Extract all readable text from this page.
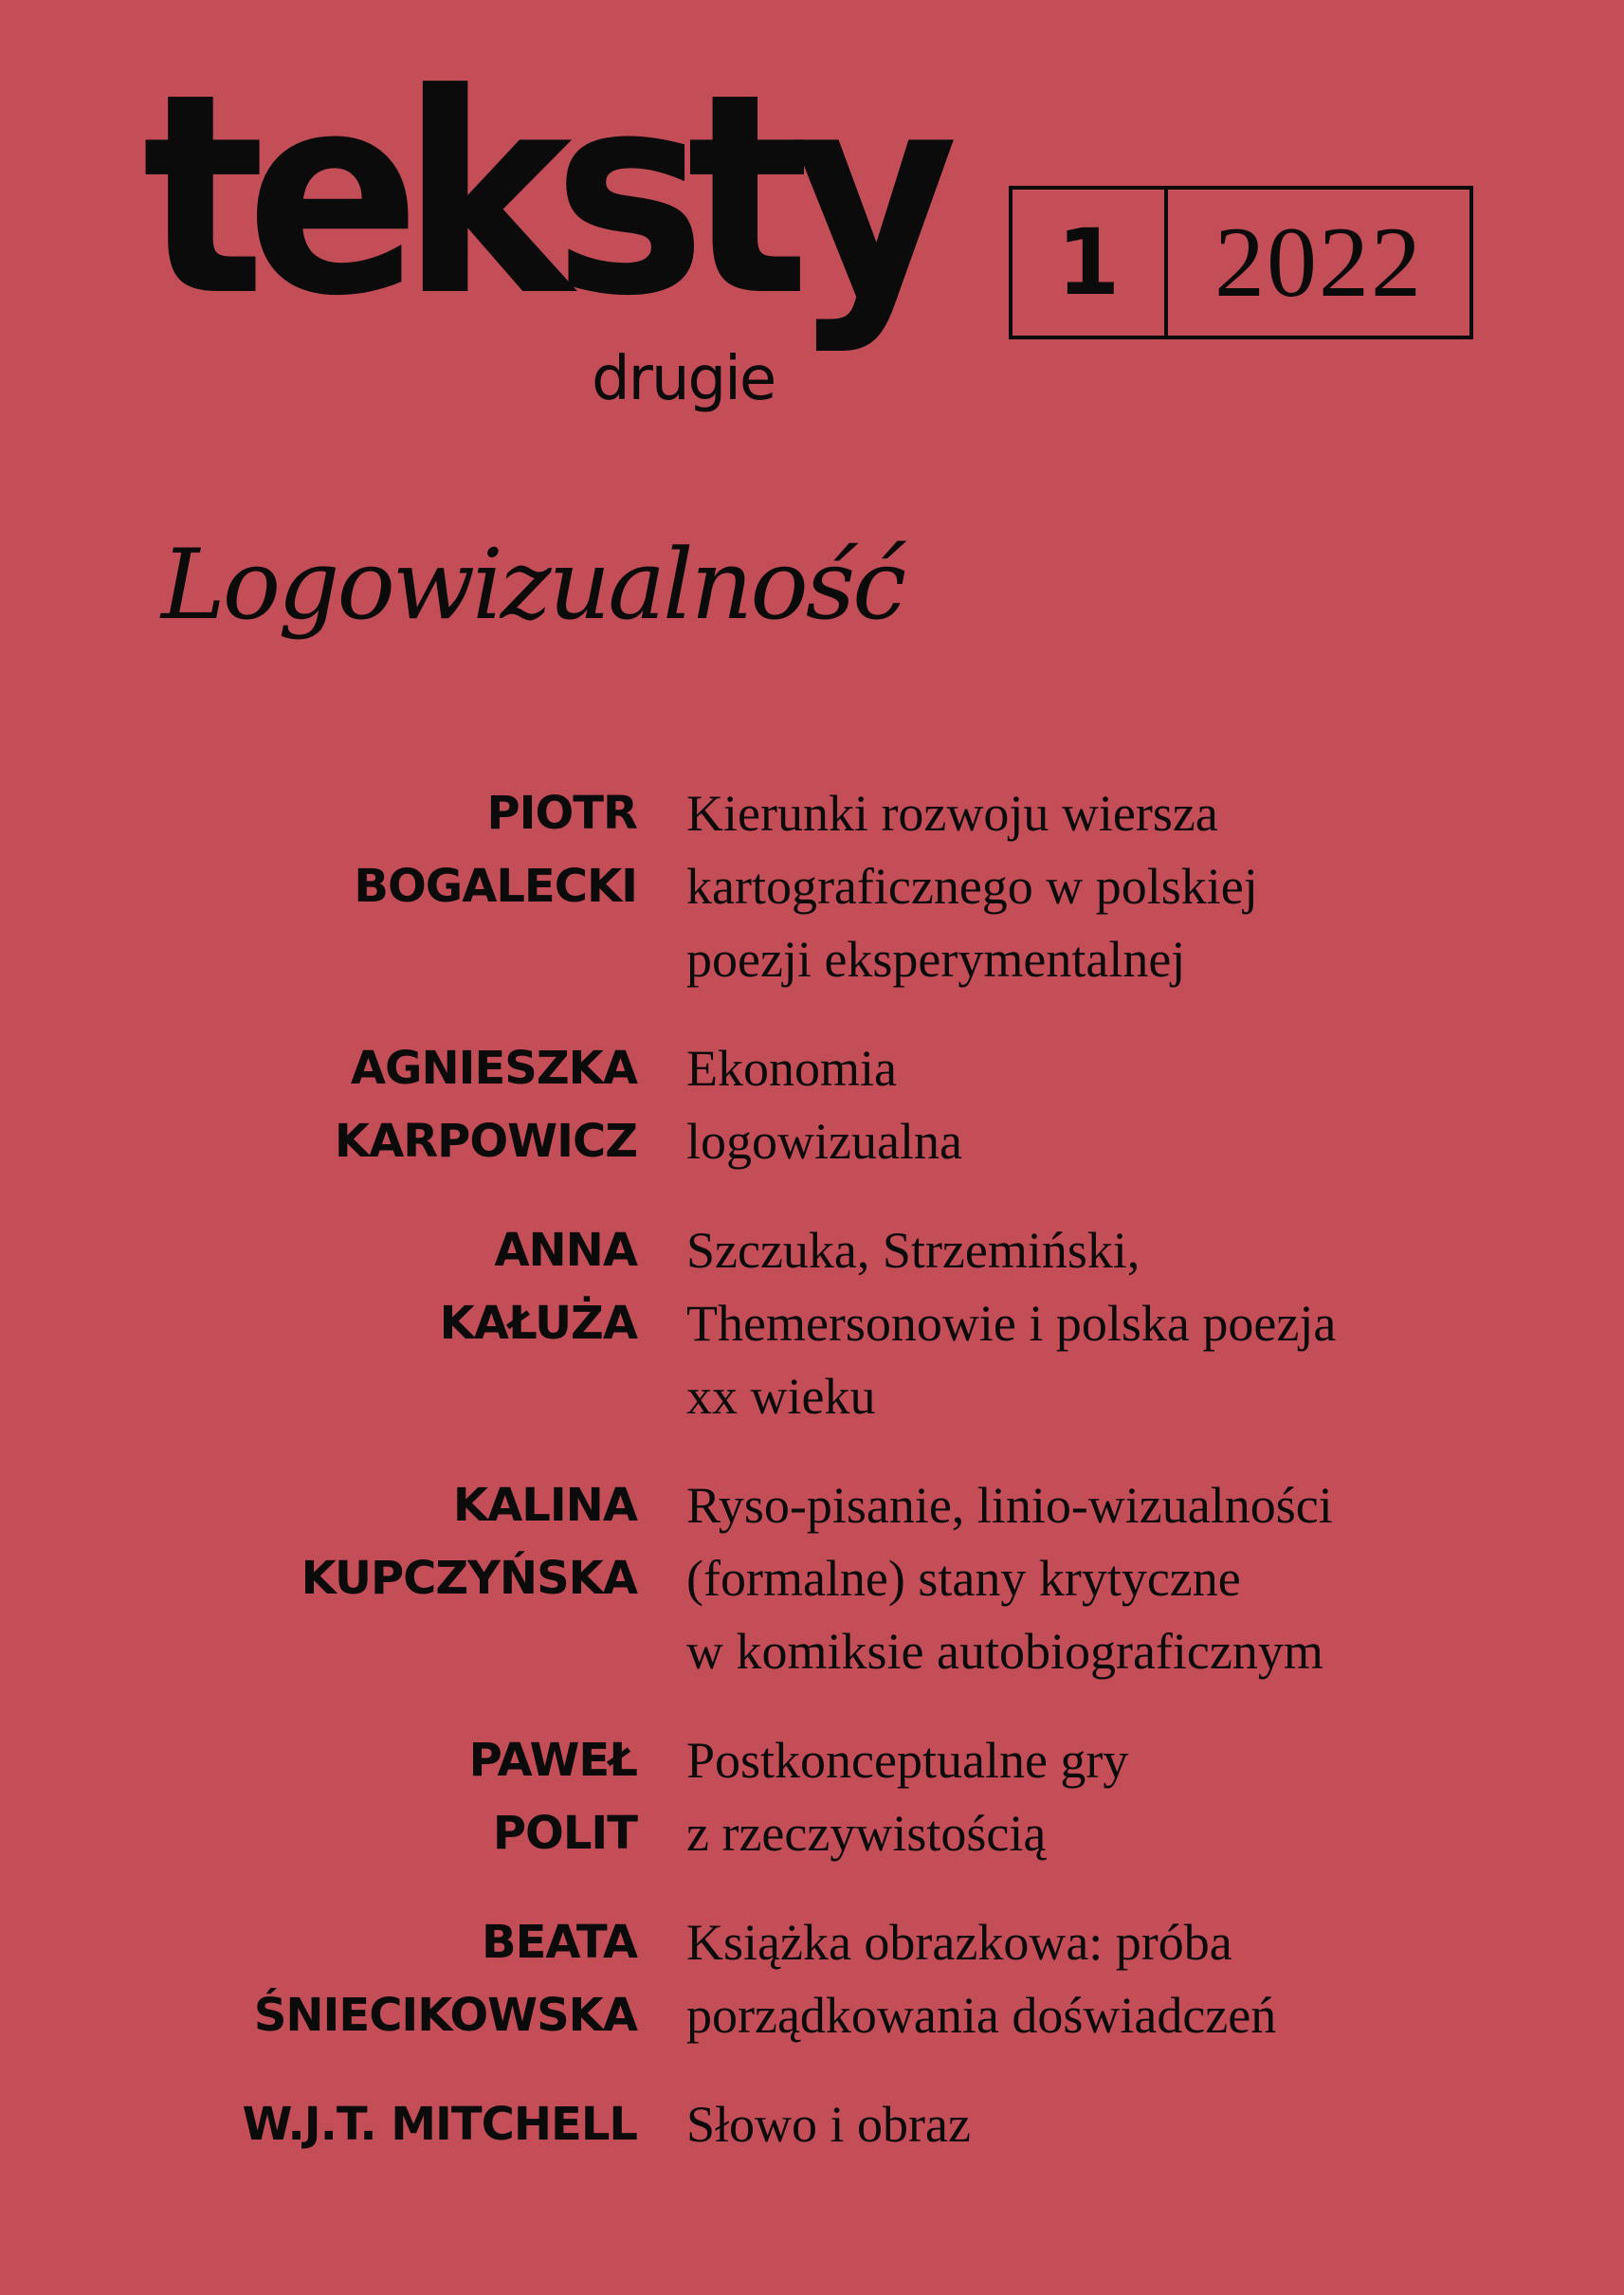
teksty
drugie
1 2022
Logowizualność
PIOTR
BOGALECKI
Kierunki rozwoju wiersza
kartograficznego w polskiej
poezji eksperymentalnej
AGNIESZKA
KARPOWICZ
Ekonomia
logowizualna
ANNA
KAŁUŻA
Szczuka, Strzemiński,
Themersonowie i polska poezja
xx wieku
KALINA
KUPCZYŃSKA
Ryso-pisanie, linio-wizualności
(formalne) stany krytyczne
w komiksie autobiograficznym
PAWEŁ
POLIT
Postkonceptualne gry
z rzeczywistością
BEATA
ŚNIECIKOWSKA
Książka obrazkowa: próba
porządkowania doświadczeń
W.J.T. MITCHELL Słowo i obraz
